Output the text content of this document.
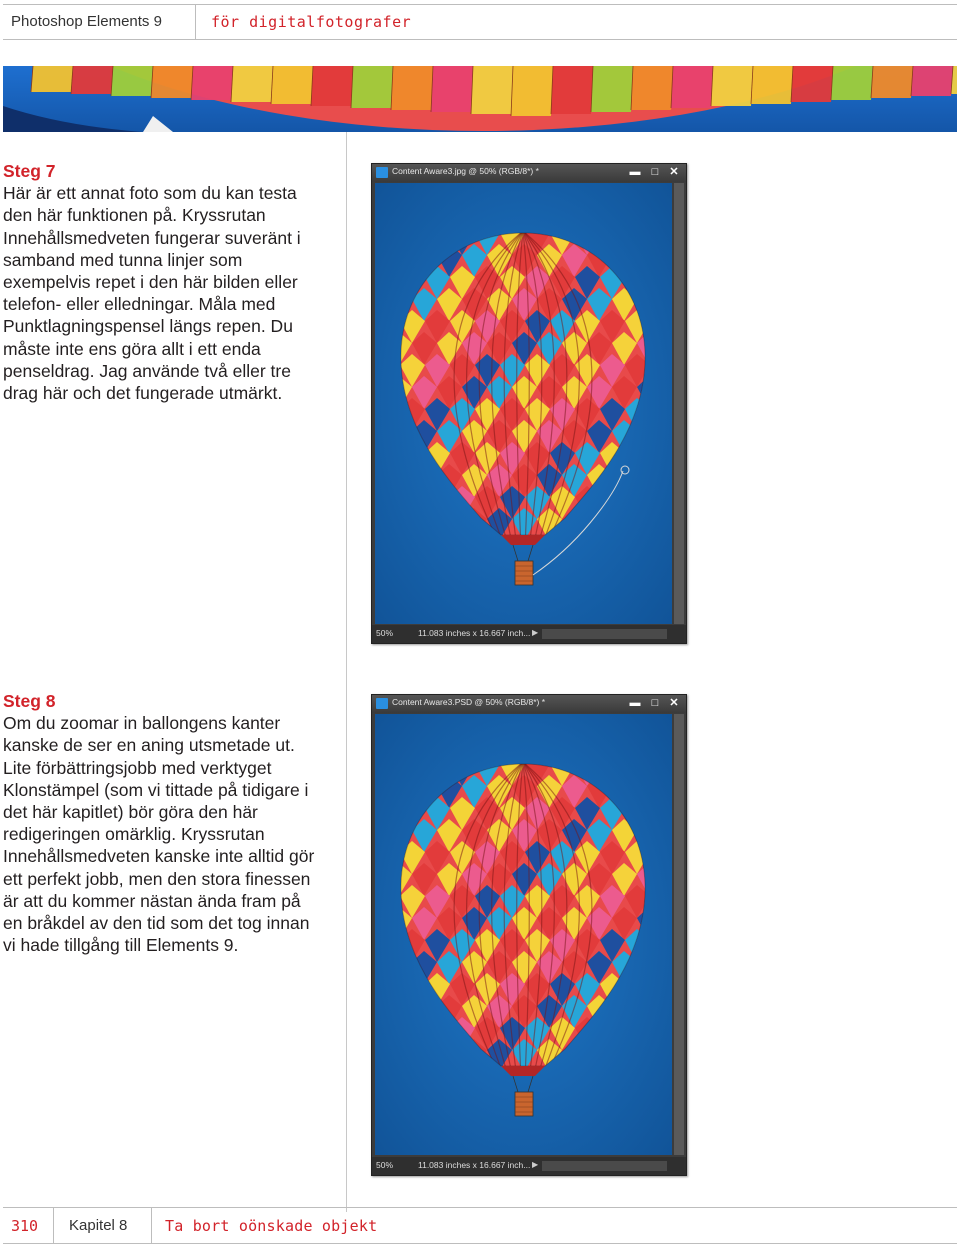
Photoshop Elements 9	för digitalfotografer
Steg 7

Här är ett annat foto som du kan testa den här funktionen på. Kryssrutan Innehållsmedveten fungerar suveränt i samband med tunna linjer som exempelvis repet i den här bilden eller telefon- eller elledningar. Måla med Punktlagningspensel längs repen. Du måste inte ens göra allt i ett enda penseldrag. Jag använde två eller tre drag här och det fungerade utmärkt.

Steg 8

Om du zoomar in ballongens kanter kanske de ser en aning utsmetade ut. Lite förbättringsjobb med verktyget Klonstämpel (som vi tittade på tidigare i det här kapitlet) bör göra den här redigeringen omärklig. Kryssrutan Innehållsmedveten kanske inte alltid gör ett perfekt jobb, men den stora finessen är att du kommer nästan ända fram på en bråkdel av den tid som det tog innan vi hade tillgång till Elements 9.

Content Aware3.jpg @ 50% (RGB/8*) *	▬	□	✕
50%	11.083 inches x 16.667 inch... ▶
Content Aware3.PSD @ 50% (RGB/8*) *	▬	□	✕
50%	11.083 inches x 16.667 inch... ▶
310 Kapitel 8	Ta bort oönskade objekt
